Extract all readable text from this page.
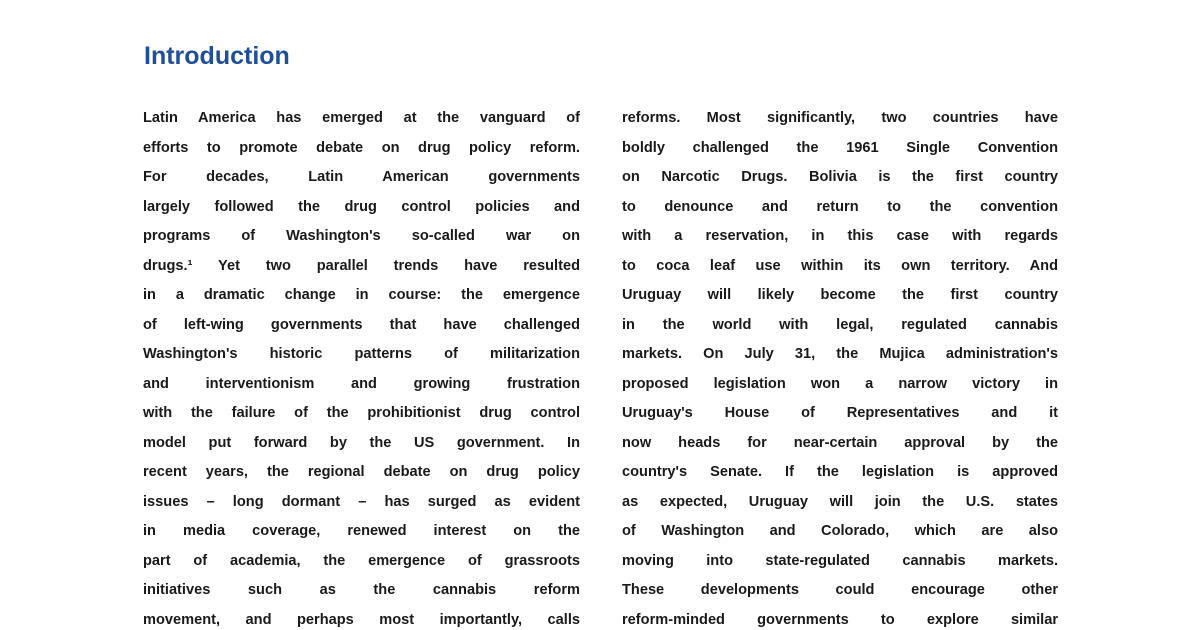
Introduction
Latin America has emerged at the vanguard of
efforts to promote debate on drug policy reform.
For decades, Latin American governments
largely followed the drug control policies and
programs of Washington's so-called war on
drugs.¹ Yet two parallel trends have resulted
in a dramatic change in course: the emergence
of left-wing governments that have challenged
Washington's historic patterns of militarization
and interventionism and growing frustration
with the failure of the prohibitionist drug control
model put forward by the US government. In
recent years, the regional debate on drug policy
issues – long dormant – has surged as evident
in media coverage, renewed interest on the
part of academia, the emergence of grassroots
initiatives such as the cannabis reform
movement, and perhaps most importantly, calls
reforms. Most significantly, two countries have
boldly challenged the 1961 Single Convention
on Narcotic Drugs. Bolivia is the first country
to denounce and return to the convention
with a reservation, in this case with regards
to coca leaf use within its own territory. And
Uruguay will likely become the first country
in the world with legal, regulated cannabis
markets. On July 31, the Mujica administration's
proposed legislation won a narrow victory in
Uruguay's House of Representatives and it
now heads for near-certain approval by the
country's Senate. If the legislation is approved
as expected, Uruguay will join the U.S. states
of Washington and Colorado, which are also
moving into state-regulated cannabis markets.
These developments could encourage other
reform-minded governments to explore similar
